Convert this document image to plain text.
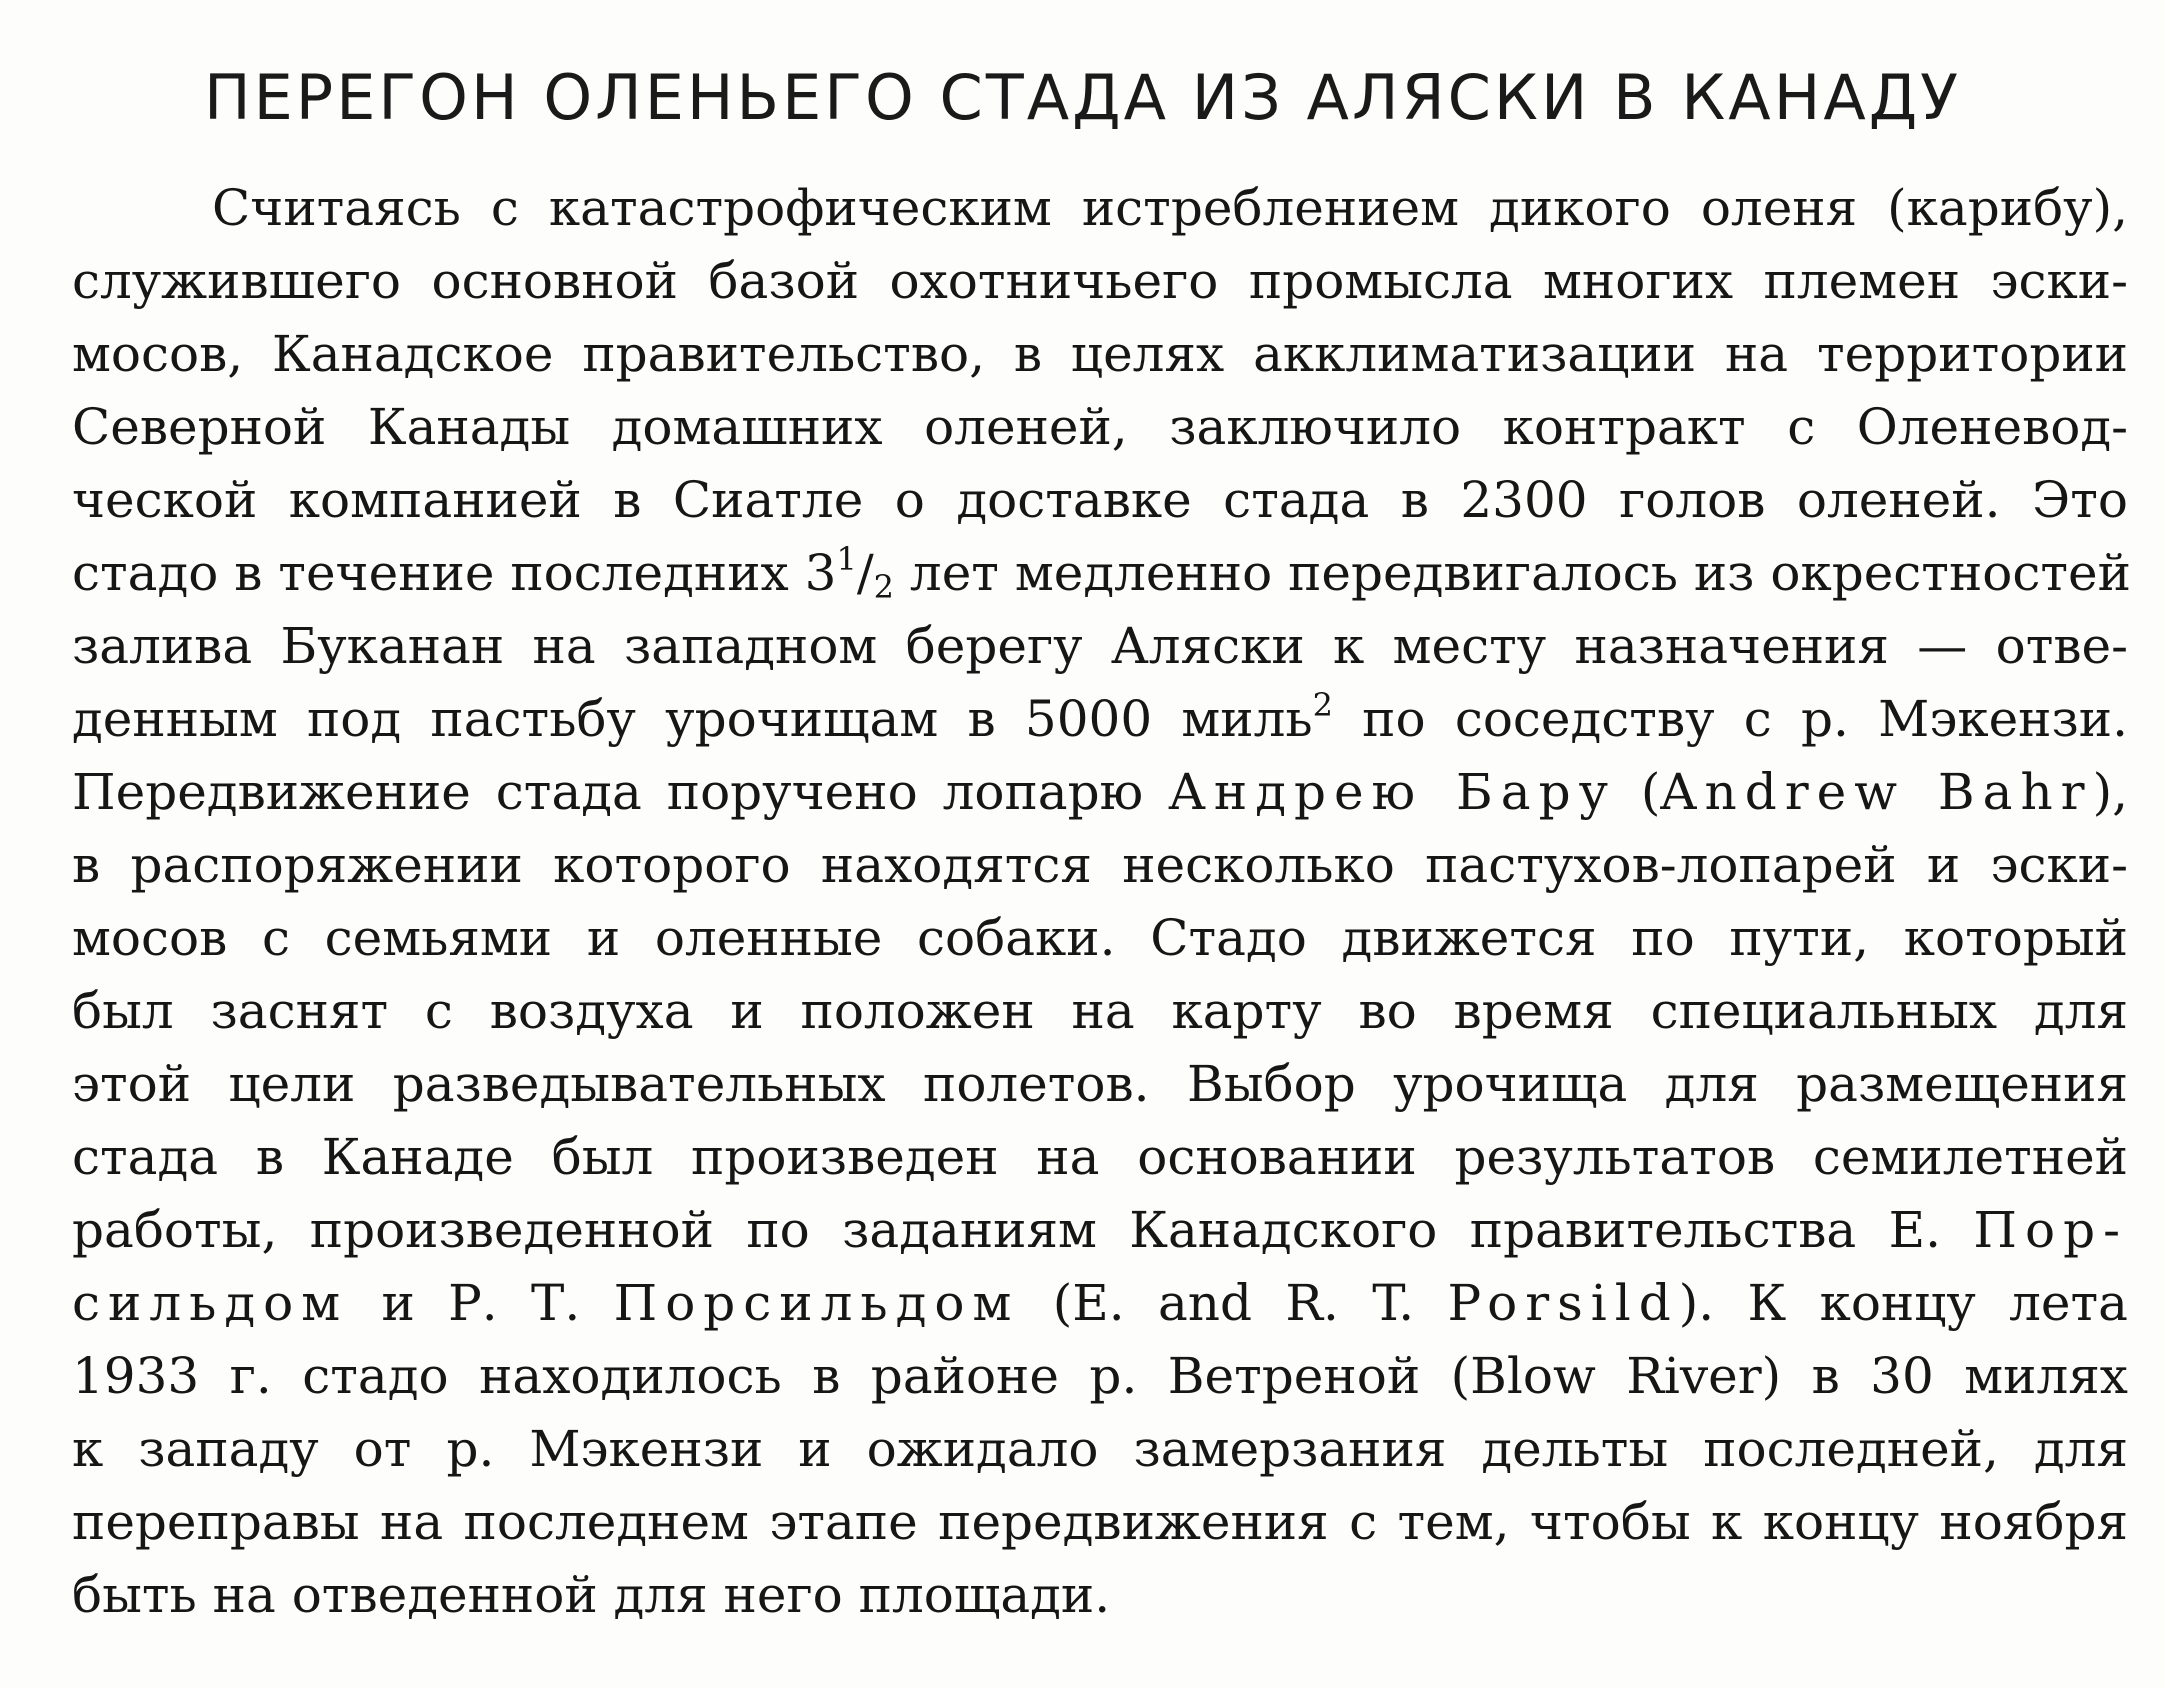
ПЕРЕГОН ОЛЕНЬЕГО СТАДА ИЗ АЛЯСКИ В КАНАДУ
Считаясь с катастрофическим истреблением дикого оленя (карибу),
служившего основной базой охотничьего промысла многих племен эски-
мосов, Канадское правительство, в целях акклиматизации на территории
Северной Канады домашних оленей, заключило контракт с Оленевод-
ческой компанией в Сиатле о доставке стада в 2300 голов оленей. Это
стадо в течение последних $3^1/2$ лет медленно передвигалось из окрестностей
залива Буканан на западном берегу Аляски к месту назначения — отве-
денным под пастьбу урочищам в 5000 миль$^2$ по соседству с р. Мэкензи.
Передвижение стада поручено лопарю Андрею Бару (Andrew Bahr),
в распоряжении которого находятся несколько пастухов-лопарей и эски-
мосов с семьями и оленные собаки. Стадо движется по пути, который
был заснят с воздуха и положен на карту во время специальных для
этой цели разведывательных полетов. Выбор урочища для размещения
стада в Канаде был произведен на основании результатов семилетней
работы, произведенной по заданиям Канадского правительства Е. Пор-
сильдом и Р. Т. Порсильдом (E. and R. T. Porsild). К концу лета
1933 г. стадо находилось в районе р. Ветреной (Blow River) в 30 милях
к западу от р. Мэкензи и ожидало замерзания дельты последней, для
переправы на последнем этапе передвижения с тем, чтобы к концу ноября
быть на отведенной для него площади.
